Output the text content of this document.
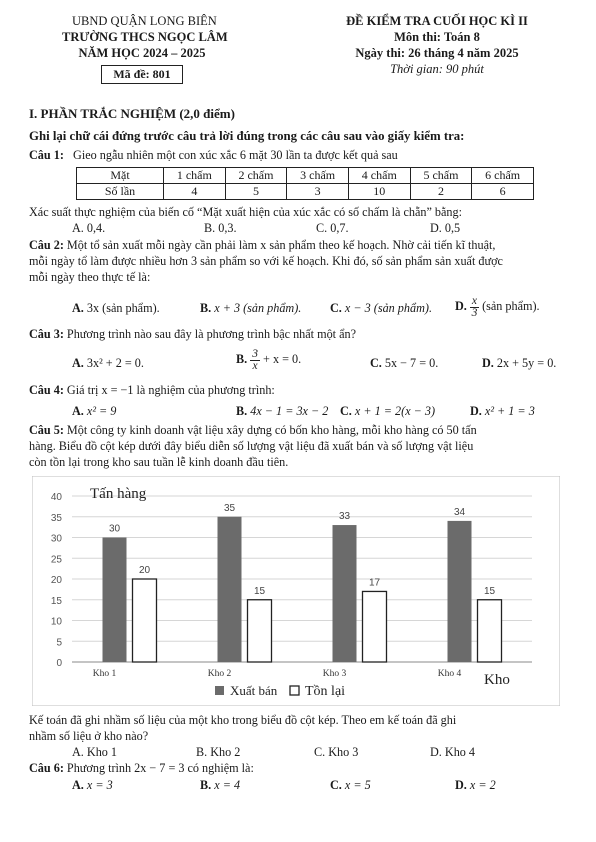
UBND QUẬN LONG BIÊN
TRƯỜNG THCS NGỌC LÂM
NĂM HỌC 2024 – 2025
Mã đề: 801
ĐỀ KIỂM TRA CUỐI HỌC KÌ II
Môn thi: Toán 8
Ngày thi: 26 tháng 4 năm 2025
Thời gian: 90 phút
I. PHẦN TRẮC NGHIỆM (2,0 điểm)
Ghi lại chữ cái đứng trước câu trả lời đúng trong các câu sau vào giấy kiểm tra:
Câu 1: Gieo ngẫu nhiên một con xúc xắc 6 mặt 30 lần ta được kết quả sau
Mặt	1 chấm	2 chấm	3 chấm	4 chấm	5 chấm	6 chấm
Số lần	4	5	3	10	2	6
Xác suất thực nghiệm của biến cố “Mặt xuất hiện của xúc xắc có số chấm là chẵn” bằng:
A. 0,4.	B. 0,3.	C. 0,7.	D. 0,5
Câu 2: Một tổ sản xuất mỗi ngày cần phải làm x sản phẩm theo kế hoạch. Nhờ cải tiến kĩ thuật,
mỗi ngày tổ làm được nhiều hơn 3 sản phẩm so với kế hoạch. Khi đó, số sản phẩm sản xuất được
mỗi ngày theo thực tế là:
A. 3x (sản phẩm).	B. x + 3 (sản phẩm). C. x − 3 (sản phẩm). D. $\frac{x}{3}$ (sản phẩm).
Câu 3: Phương trình nào sau đây là phương trình bậc nhất một ẩn?
A. 3x² + 2 = 0.	B. $\frac{3}{x} + x = 0$.	C. 5x − 7 = 0.	D. 2x + 5y = 0.
Câu 4: Giá trị x = −1 là nghiệm của phương trình:
A. x² = 9	B. 4x − 1 = 3x − 2 C. x + 1 = 2(x − 3)	D. x² + 1 = 3
Câu 5: Một công ty kinh doanh vật liệu xây dựng có bốn kho hàng, mỗi kho hàng có 50 tấn
hàng. Biểu đồ cột kép dưới đây biểu diễn số lượng vật liệu đã xuất bán và số lượng vật liệu
còn tồn lại trong kho sau tuần lễ kinh doanh đầu tiên.
0
5
10
15
20
25
30
35
40
30
20
35
15
33
17
34
15
Kho 1	Kho 2	Kho 3	Kho 4
Tấn hàng
Kho
Xuất bán Tồn lại
Kế toán đã ghi nhầm số liệu của một kho trong biểu đồ cột kép. Theo em kế toán đã ghi
nhầm số liệu ở kho nào?
A. Kho 1	B. Kho 2	C. Kho 3	D. Kho 4
Câu 6: Phương trình 2x − 7 = 3 có nghiệm là:
A. x = 3	B. x = 4	C. x = 5	D. x = 2
